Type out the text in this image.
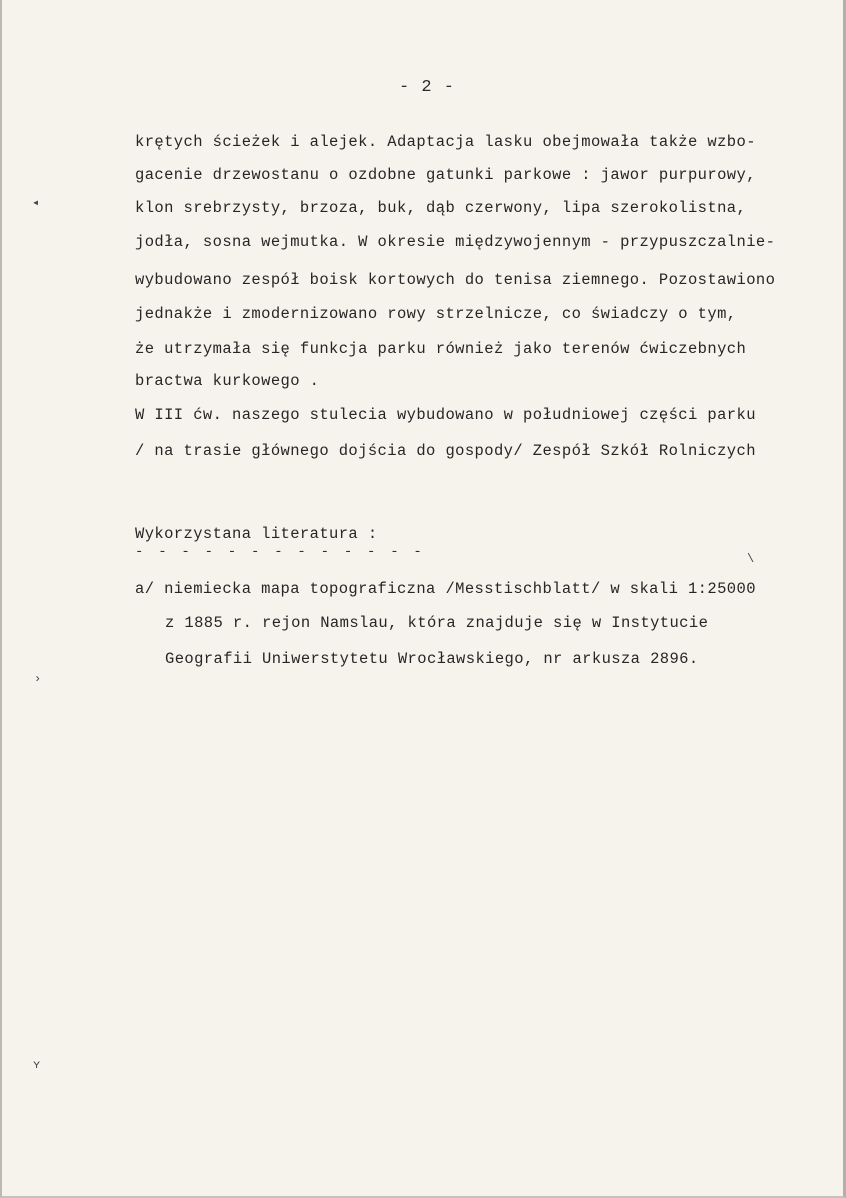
- 2 -
krętych ścieżek i alejek. Adaptacja lasku obejmowała także wzbo-
gacenie drzewostanu o ozdobne gatunki parkowe : jawor purpurowy,
klon srebrzysty, brzoza, buk, dąb czerwony, lipa szerokolistna,
jodła, sosna wejmutka. W okresie międzywojennym - przypuszczalnie-
wybudowano zespół boisk kortowych do tenisa ziemnego. Pozostawiono
jednakże i zmodernizowano rowy strzelnicze, co świadczy o tym,
że utrzymała się funkcja parku również jako terenów ćwiczebnych
bractwa kurkowego .
W III ćw. naszego stulecia wybudowano w południowej części parku
/ na trasie głównego dojścia do gospody/ Zespół Szkół Rolniczych
Wykorzystana literatura :
- - - - - - - - - - - - -
a/ niemiecka mapa topograficzna /Messtischblatt/ w skali 1:25000
z 1885 r. rejon Namslau, która znajduje się w Instytucie
Geografii Uniwerstytetu Wrocławskiego, nr arkusza 2896.
◂
›
ʏ
\
